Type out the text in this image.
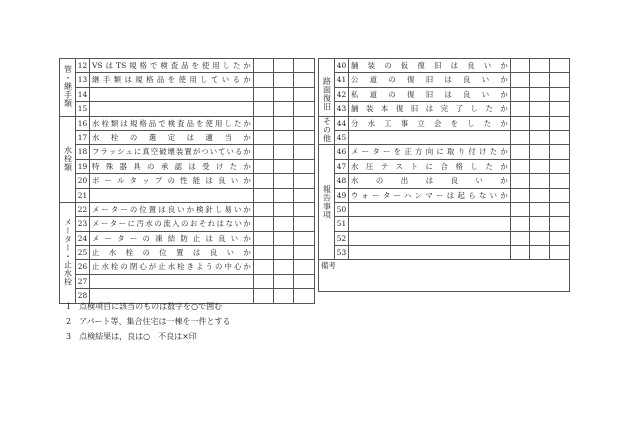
管・継手類	12	VSはTS規格で検査品を使用したか			
	13	継手類は規格品を使用しているか			
	14				
	15				
水栓類	16	水栓類は規格品で検査品を使用したか			
	17	水栓の選定は適当か			
	18	フラッシュに真空破壊装置がついているか			
	19	特殊器具の承認は受けたか			
	20	ボールタップの性能は良いか			
	21				
メーター・止水栓	22	メーターの位置は良いか検針し易いか			
	23	メーターに汚水の流入のおそれはないか			
	24	メーターの凍結防止は良いか			
	25	止水栓の位置は良いか			
	26	止水栓の閉心が止水栓きようの中心か			
	27				
	28				
	40	舗装の仮復旧は良いか			
路面復旧	41	公道の復旧は良いか			
	42	私道の復旧は良いか			
	43	舗装本復旧は完了したか			
その他	44	分水工事立会をしたか			
	45				
報告事項	46	メーターを正方向に取り付けたか			
	47	水圧テストに合格したか			
	48	水の出は良いか			
	49	ウォーターハンマーは起らないか			
	50				
	51				
	52				
	53				
備考					
1　点検項目に該当のものは数字を○で囲む
2　アパート等、集合住宅は一棟を一件とする
3　点検結果は，良は○　不良は×印
